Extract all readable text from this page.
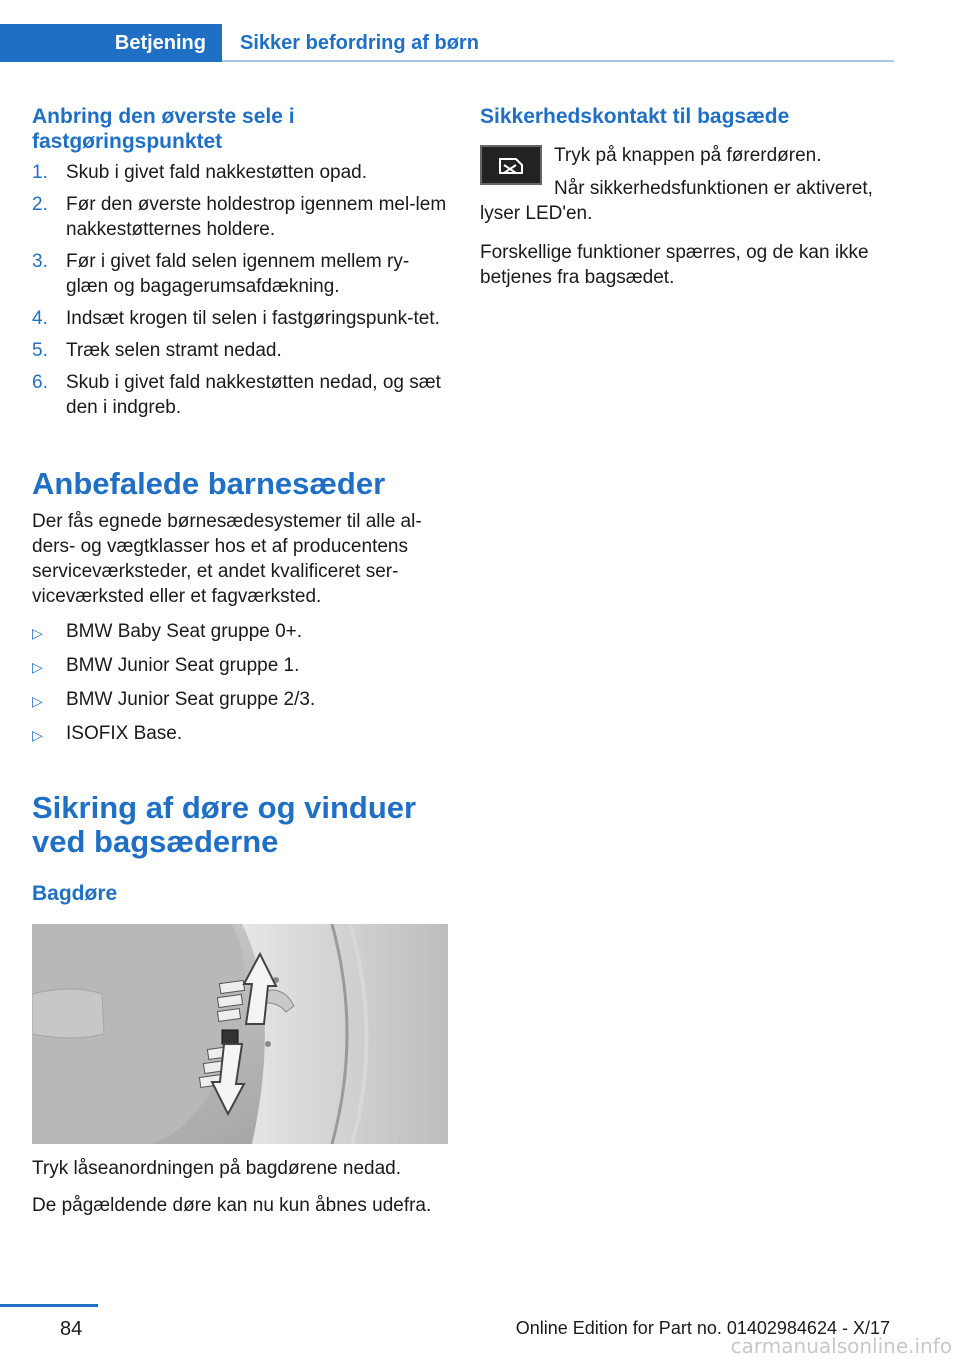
Betjening	Sikker befordring af børn
Anbring den øverste sele i fastgøringspunktet
1. Skub i givet fald nakkestøtten opad.
2. Før den øverste holdestrop igennem mel-lem nakkestøtternes holdere.
3. Før i givet fald selen igennem mellem ry-glæn og bagagerumsafdækning.
4. Indsæt krogen til selen i fastgøringspunk-tet.
5. Træk selen stramt nedad.
6. Skub i givet fald nakkestøtten nedad, og sæt den i indgreb.
Anbefalede barnesæder
Der fås egnede børnesædesystemer til alle al-ders- og vægtklasser hos et af producentens serviceværksteder, et andet kvalificeret ser-viceværksted eller et fagværksted.
▷	BMW Baby Seat gruppe 0+.
▷	BMW Junior Seat gruppe 1.
▷	BMW Junior Seat gruppe 2/3.
▷	ISOFIX Base.
Sikring af døre og vinduer ved bagsæderne
Bagdøre
Tryk låseanordningen på bagdørene nedad.
De pågældende døre kan nu kun åbnes udefra.
Sikkerhedskontakt til bagsæde
Tryk på knappen på førerdøren.
Når sikkerhedsfunktionen er aktiveret, lyser LED'en.
Forskellige funktioner spærres, og de kan ikke betjenes fra bagsædet.
84	Online Edition for Part no. 01402984624 - X/17
carmanualsonline.info
